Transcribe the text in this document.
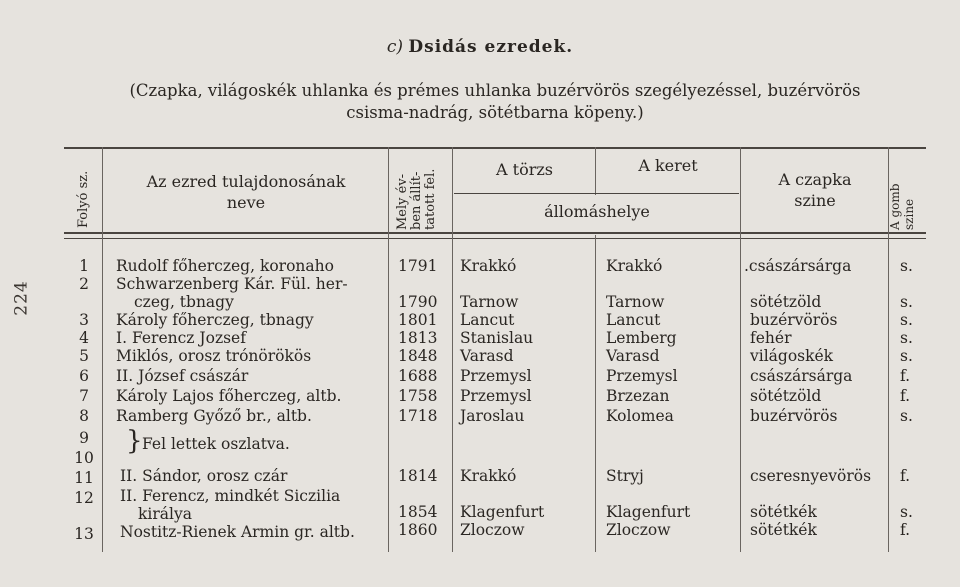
224
c) Dsidás ezredek.
(Czapka, világoskék uhlanka és prémes uhlanka buzérvörös szegélyezéssel, buzérvörös
csisma-nadrág, sötétbarna köpeny.)
Folyó sz.	Az ezred tulajdonosának
neve	Mely év- ben állít- tatott fel.	A törzs	A keret
állomáshelye
A czapka
szine	A gomb szine
1	Rudolf főherczeg, koronaho	1791 Krakkó	Krakkó	.császársárga	s.
2	Schwarzenberg Kár. Fül. her-
czeg, tbnagy	1790 Tarnow	Tarnow	sötétzöld	s.
3	Károly főherczeg, tbnagy	1801 Lancut	Lancut	buzérvörös	s.
4	I. Ferencz Jozsef	1813 Stanislau	Lemberg	fehér	s.
5	Miklós, orosz trónörökös	1848 Varasd	Varasd	világoskék	s.
6	II. József császár	1688 Przemysl	Przemysl	császársárga	f.
7	Károly Lajos főherczeg, altb.	1758 Przemysl	Brzezan	sötétzöld	f.
8	Ramberg Győző br., altb.	1718 Jaroslau	Kolomea	buzérvörös	s.
9
10
} Fel lettek oszlatva.
11	II. Sándor, orosz czár	1814 Krakkó	Stryj	cseresnyevörös f.
12	II. Ferencz, mindkét Siczilia
királya	1854 Klagenfurt	Klagenfurt	sötétkék	s.
13	Nostitz-Rienek Armin gr. altb.	1860 Zloczow	Zloczow	sötétkék	f.
